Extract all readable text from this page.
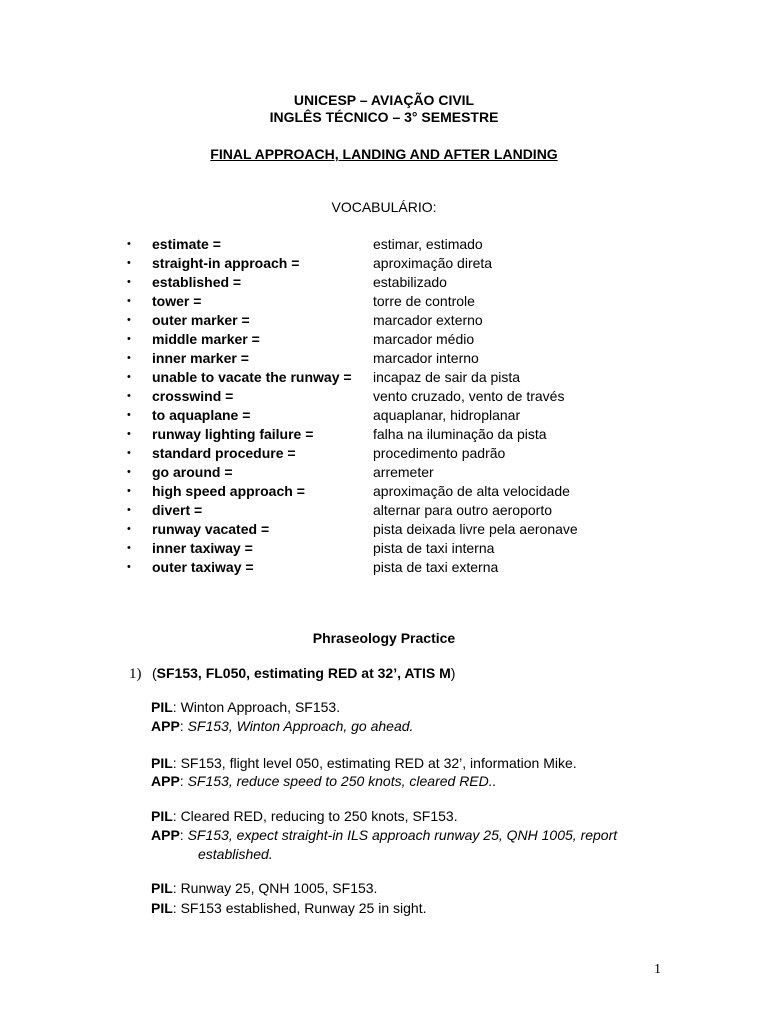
UNICESP – AVIAÇÃO CIVIL
INGLÊS TÉCNICO – 3° SEMESTRE
FINAL APPROACH, LANDING AND AFTER LANDING
VOCABULÁRIO:
• estimate =	estimar, estimado
• straight-in approach =	aproximação direta
• established =	estabilizado
• tower =	torre de controle
• outer marker =	marcador externo
• middle marker =	marcador médio
• inner marker =	marcador interno
• unable to vacate the runway = incapaz de sair da pista
• crosswind =	vento cruzado, vento de través
• to aquaplane =	aquaplanar, hidroplanar
• runway lighting failure =	falha na iluminação da pista
• standard procedure =	procedimento padrão
• go around =	arremeter
• high speed approach =	aproximação de alta velocidade
• divert =	alternar para outro aeroporto
• runway vacated =	pista deixada livre pela aeronave
• inner taxiway =	pista de taxi interna
• outer taxiway =	pista de taxi externa
Phraseology Practice
1) (SF153, FL050, estimating RED at 32’, ATIS M)
PIL: Winton Approach, SF153.
APP: SF153, Winton Approach, go ahead.
PIL: SF153, flight level 050, estimating RED at 32’, information Mike.
APP: SF153, reduce speed to 250 knots, cleared RED..
PIL: Cleared RED, reducing to 250 knots, SF153.
APP: SF153, expect straight-in ILS approach runway 25, QNH 1005, report
established.
PIL: Runway 25, QNH 1005, SF153.
PIL: SF153 established, Runway 25 in sight.
1
